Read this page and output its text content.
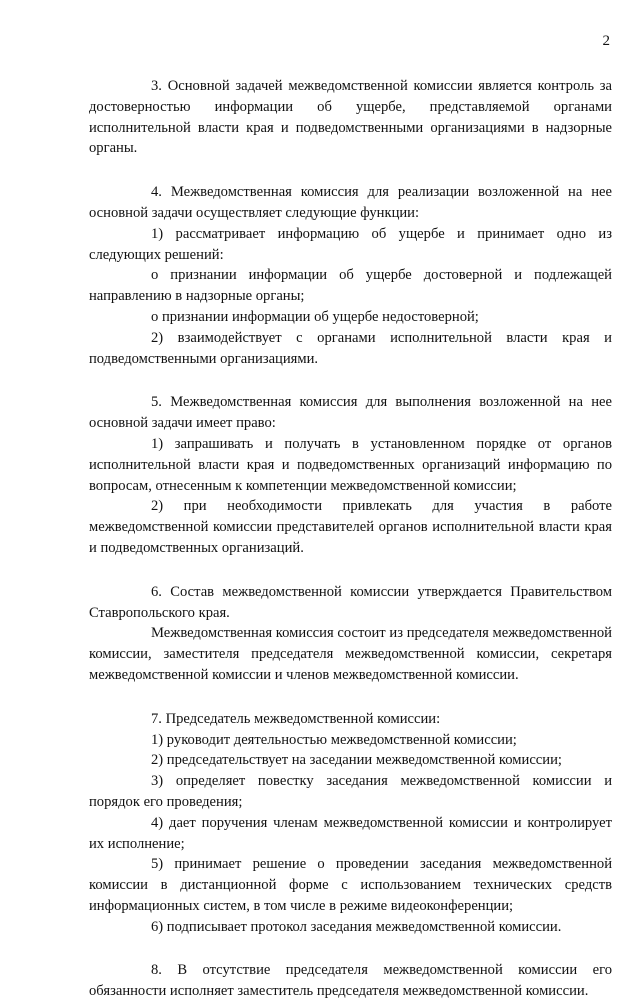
2

3. Основной задачей межведомственной комиссии является контроль за достоверностью информации об ущербе, представляемой органами исполнительной власти края и подведомственными организациями в надзорные органы.

4. Межведомственная комиссия для реализации возложенной на нее основной задачи осуществляет следующие функции:

1) рассматривает информацию об ущербе и принимает одно из следующих решений:

о признании информации об ущербе достоверной и подлежащей направлению в надзорные органы;

о признании информации об ущербе недостоверной;

2) взаимодействует с органами исполнительной власти края и подведомственными организациями.

5. Межведомственная комиссия для выполнения возложенной на нее основной задачи имеет право:

1) запрашивать и получать в установленном порядке от органов исполнительной власти края и подведомственных организаций информацию по вопросам, отнесенным к компетенции межведомственной комиссии;

2) при необходимости привлекать для участия в работе межведомственной комиссии представителей органов исполнительной власти края и подведомственных организаций.

6. Состав межведомственной комиссии утверждается Правительством Ставропольского края.

Межведомственная комиссия состоит из председателя межведомственной комиссии, заместителя председателя межведомственной комиссии, секретаря межведомственной комиссии и членов межведомственной комиссии.

7. Председатель межведомственной комиссии:

1) руководит деятельностью межведомственной комиссии;

2) председательствует на заседании межведомственной комиссии;

3) определяет повестку заседания межведомственной комиссии и порядок его проведения;

4) дает поручения членам межведомственной комиссии и контролирует их исполнение;

5) принимает решение о проведении заседания межведомственной комиссии в дистанционной форме с использованием технических средств информационных систем, в том числе в режиме видеоконференции;

6) подписывает протокол заседания межведомственной комиссии.

8. В отсутствие председателя межведомственной комиссии его обязанности исполняет заместитель председателя межведомственной комиссии.
